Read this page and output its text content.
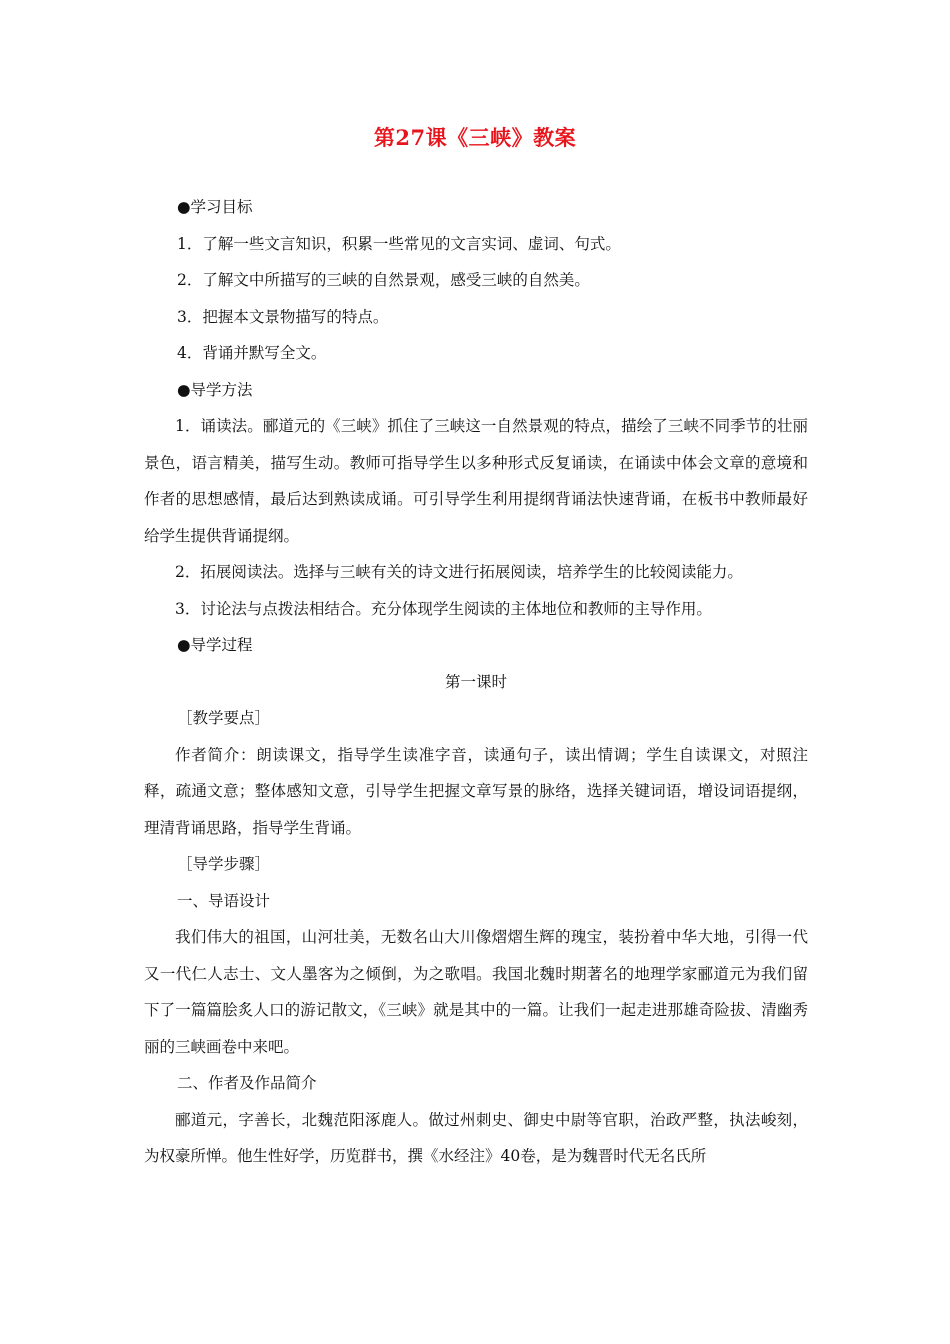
第27课《三峡》教案
●学习目标
1．了解一些文言知识，积累一些常见的文言实词、虚词、句式。
2．了解文中所描写的三峡的自然景观，感受三峡的自然美。
3．把握本文景物描写的特点。
4．背诵并默写全文。
●导学方法

1．诵读法。郦道元的《三峡》抓住了三峡这一自然景观的特点，描绘了三峡不同季节的壮丽景色，语言精美，描写生动。教师可指导学生以多种形式反复诵读，在诵读中体会文章的意境和作者的思想感情，最后达到熟读成诵。可引导学生利用提纲背诵法快速背诵，在板书中教师最好给学生提供背诵提纲。

2．拓展阅读法。选择与三峡有关的诗文进行拓展阅读，培养学生的比较阅读能力。

3．讨论法与点拨法相结合。充分体现学生阅读的主体地位和教师的主导作用。

●导学过程
第一课时
［教学要点］

作者简介：朗读课文，指导学生读准字音，读通句子，读出情调；学生自读课文，对照注释，疏通文意；整体感知文意，引导学生把握文章写景的脉络，选择关键词语，增设词语提纲，理清背诵思路，指导学生背诵。

［导学步骤］
一、导语设计

我们伟大的祖国，山河壮美，无数名山大川像熠熠生辉的瑰宝，装扮着中华大地，引得一代又一代仁人志士、文人墨客为之倾倒，为之歌唱。我国北魏时期著名的地理学家郦道元为我们留下了一篇篇脍炙人口的游记散文，《三峡》就是其中的一篇。让我们一起走进那雄奇险拔、清幽秀丽的三峡画卷中来吧。

二、作者及作品简介

郦道元，字善长，北魏范阳涿鹿人。做过州刺史、御史中尉等官职，治政严整，执法峻刻，为权豪所惮。他生性好学，历览群书，撰《水经注》40卷，是为魏晋时代无名氏所
